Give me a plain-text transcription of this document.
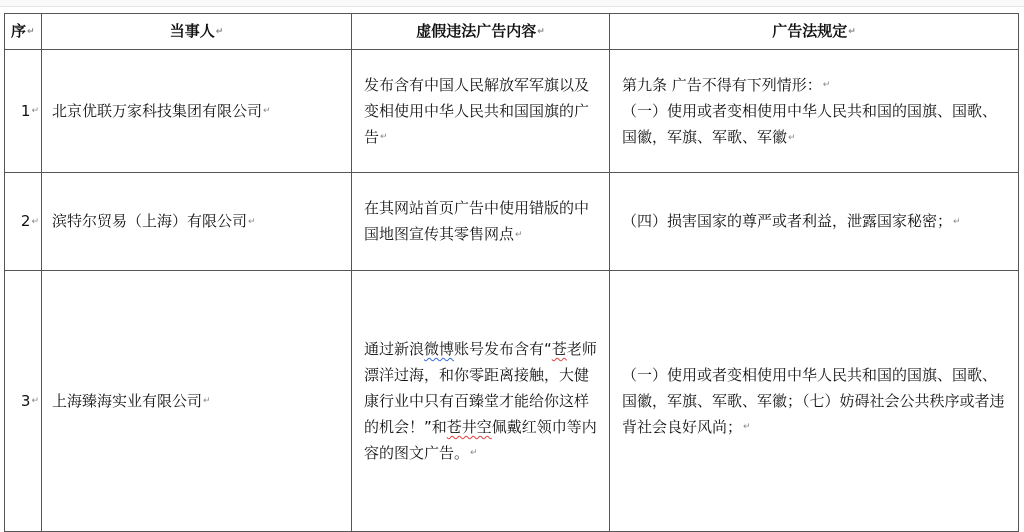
序↵	当事人↵	虚假违法广告内容↵	广告法规定↵
1↵	北京优联万家科技集团有限公司↵	发布含有中国人民解放军军旗以及变相使用中华人民共和国国旗的广告↵	第九条 广告不得有下列情形：↵
（一）使用或者变相使用中华人民共和国的国旗、国歌、国徽，军旗、军歌、军徽↵

2↵	滨特尔贸易（上海）有限公司↵	在其网站首页广告中使用错版的中国地图宣传其零售网点↵	（四）损害国家的尊严或者利益，泄露国家秘密；↵
3↵	上海臻海实业有限公司↵	通过新浪微博账号发布含有“苍老师漂洋过海，和你零距离接触，大健康行业中只有百臻堂才能给你这样的机会！”和苍井空佩戴红领巾等内容的图文广告。↵	（一）使用或者变相使用中华人民共和国的国旗、国歌、国徽，军旗、军歌、军徽；（七）妨碍社会公共秩序或者违背社会良好风尚；↵
